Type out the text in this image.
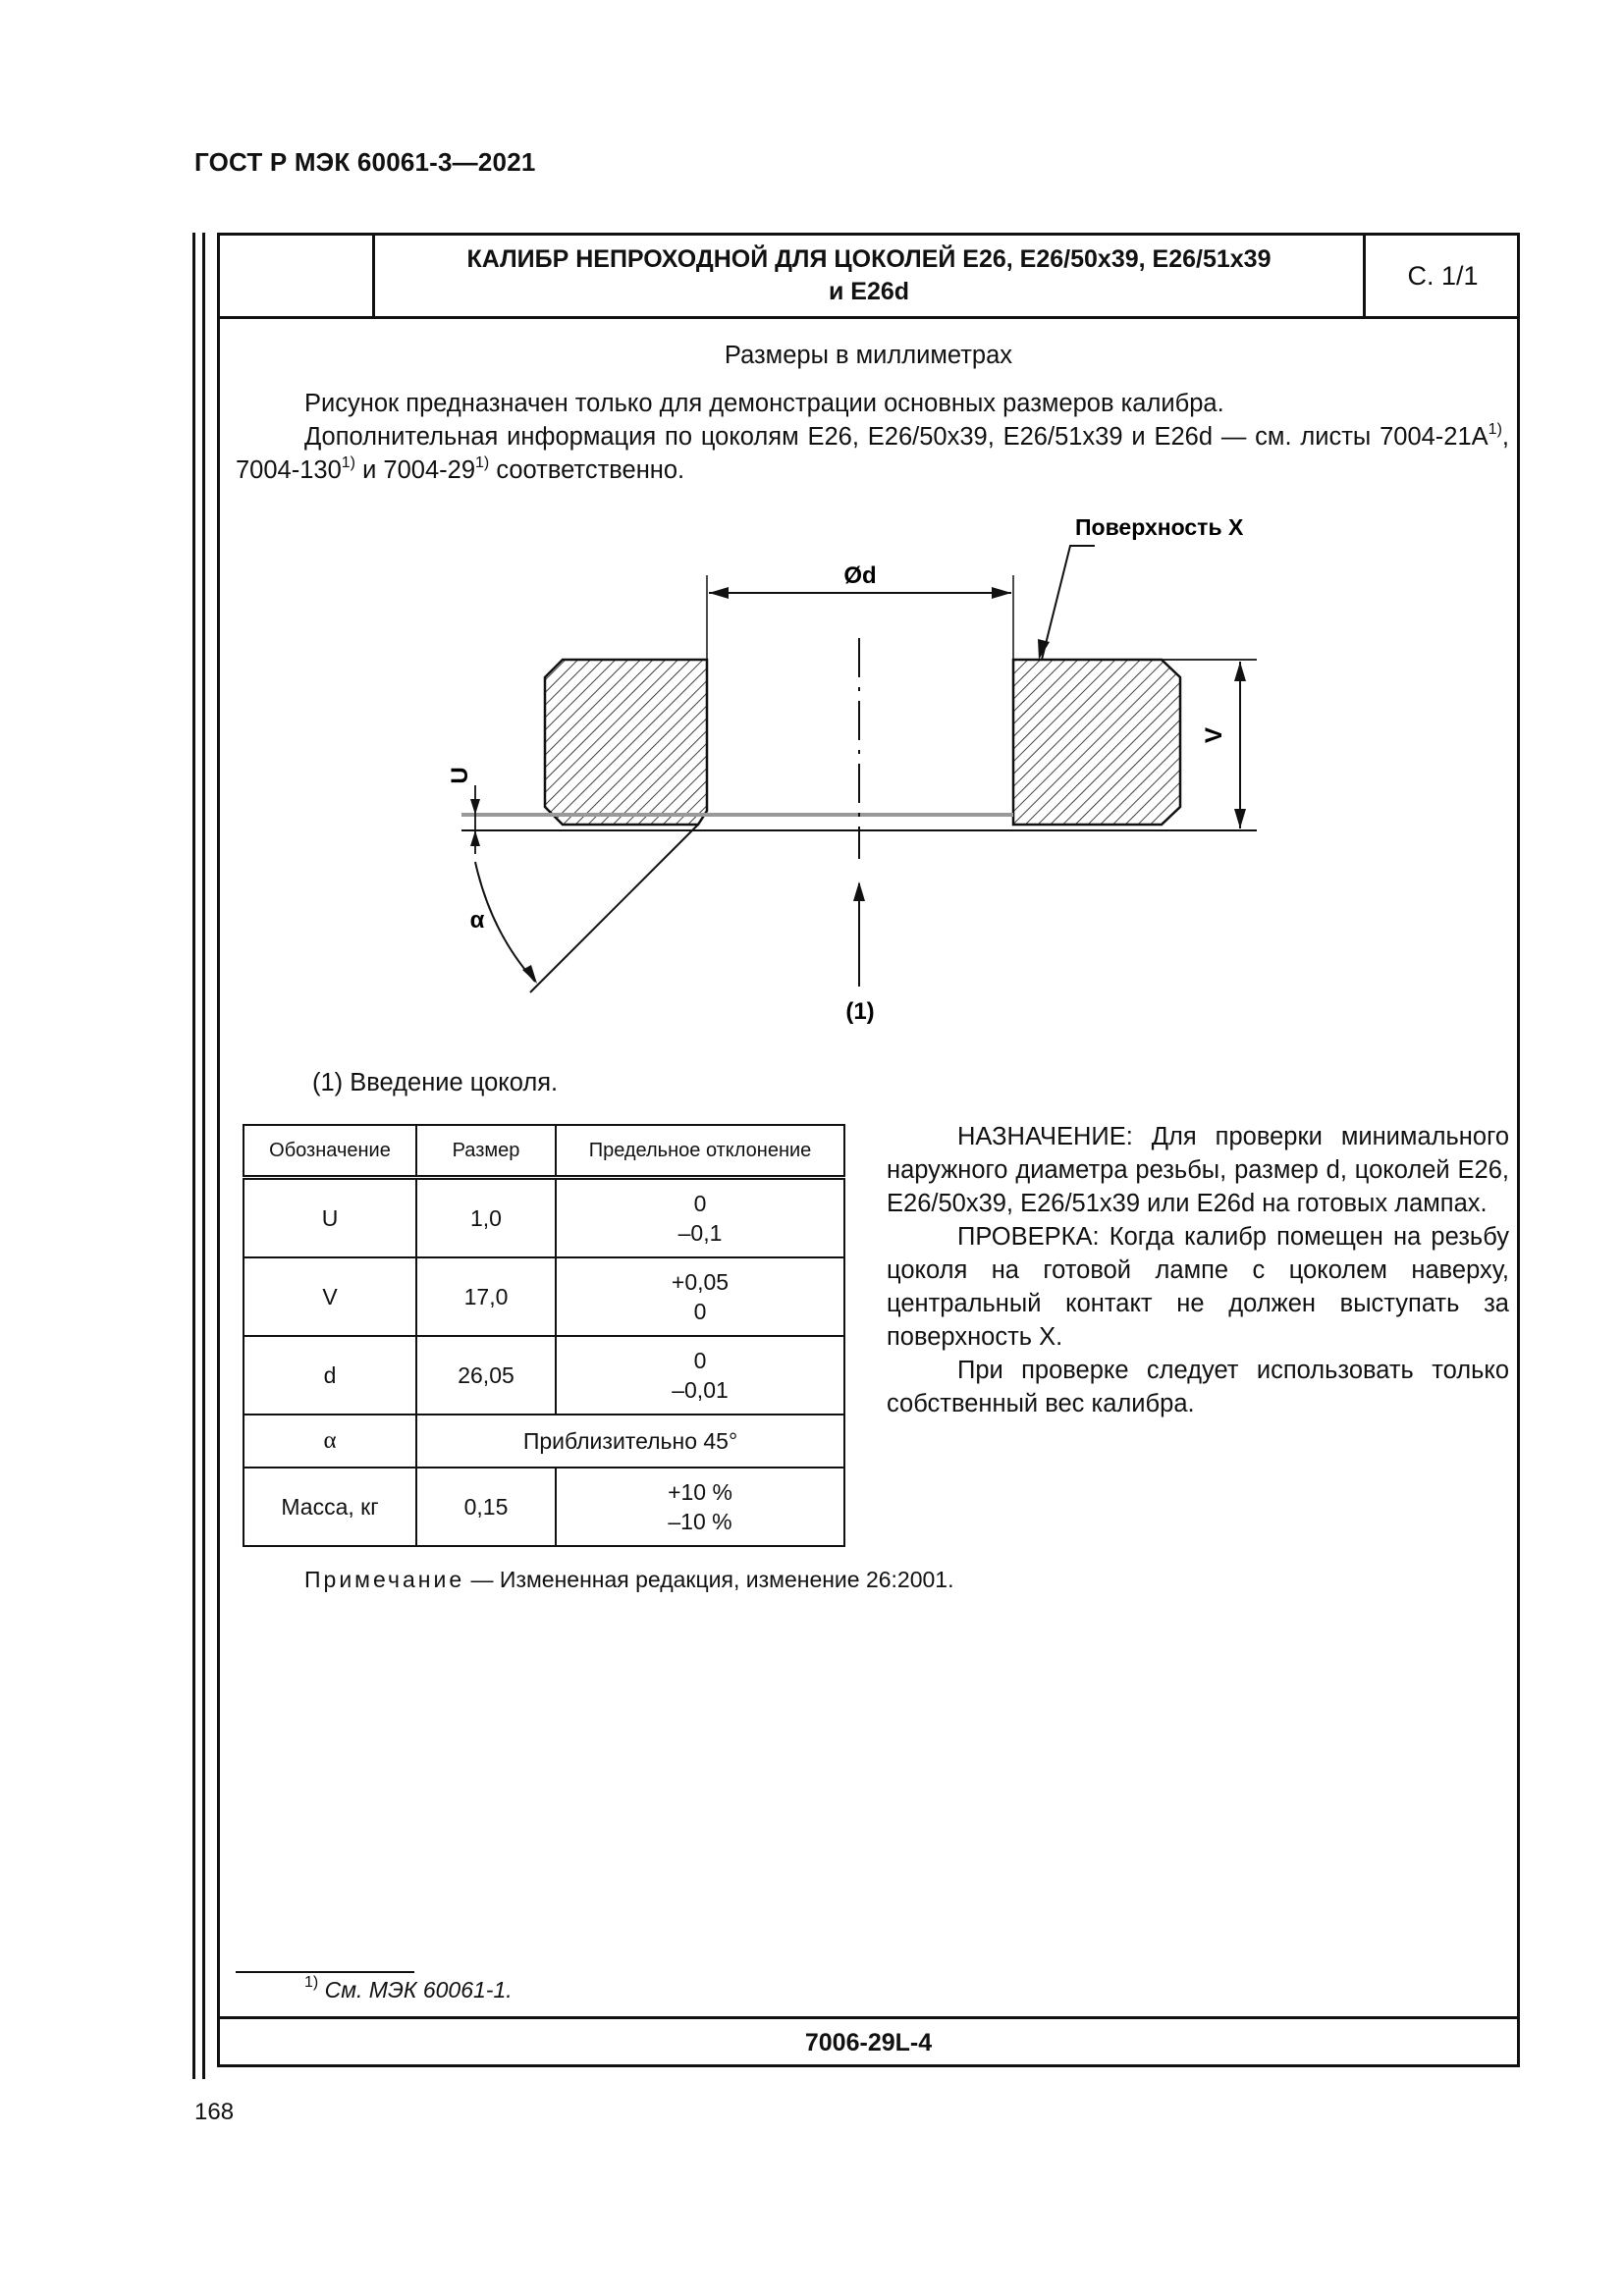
ГОСТ Р МЭК 60061-3—2021
КАЛИБР НЕПРОХОДНОЙ ДЛЯ ЦОКОЛЕЙ E26, E26/50x39, E26/51x39
и E26d
С. 1/1
Размеры в миллиметрах
Рисунок предназначен только для демонстрации основных размеров калибра.
Дополнительная информация по цоколям E26, E26/50x39, E26/51x39 и E26d — см. листы $7004-21A^{1)}$, 7004-130$^{1)}$ и 7004-29$^{1)}$ соответственно.
Ød
Поверхность X
V
U
α
(1)
(1) Введение цоколя.
Обозначение	Размер	Предельное отклонение
U	1,0	0
–0,1

V	17,0	+0,05
0

d	26,05	0
–0,01

α	Приблизительно 45°	
Масса, кг	0,15	+10 %
–10 %

НАЗНАЧЕНИЕ: Для проверки минимального наружного диаметра резьбы, размер d, цоколей E26, E26/50x39, E26/51x39 или E26d на готовых лампах.

ПРОВЕРКА: Когда калибр помещен на резьбу цоколя на готовой лампе с цоколем наверху, центральный контакт не должен выступать за поверхность X.

При проверке следует использовать только собственный вес калибра.

Примечание — Измененная редакция, изменение 26:2001.
$^{1)}$ См. МЭК 60061-1.
7006-29L-4
168
